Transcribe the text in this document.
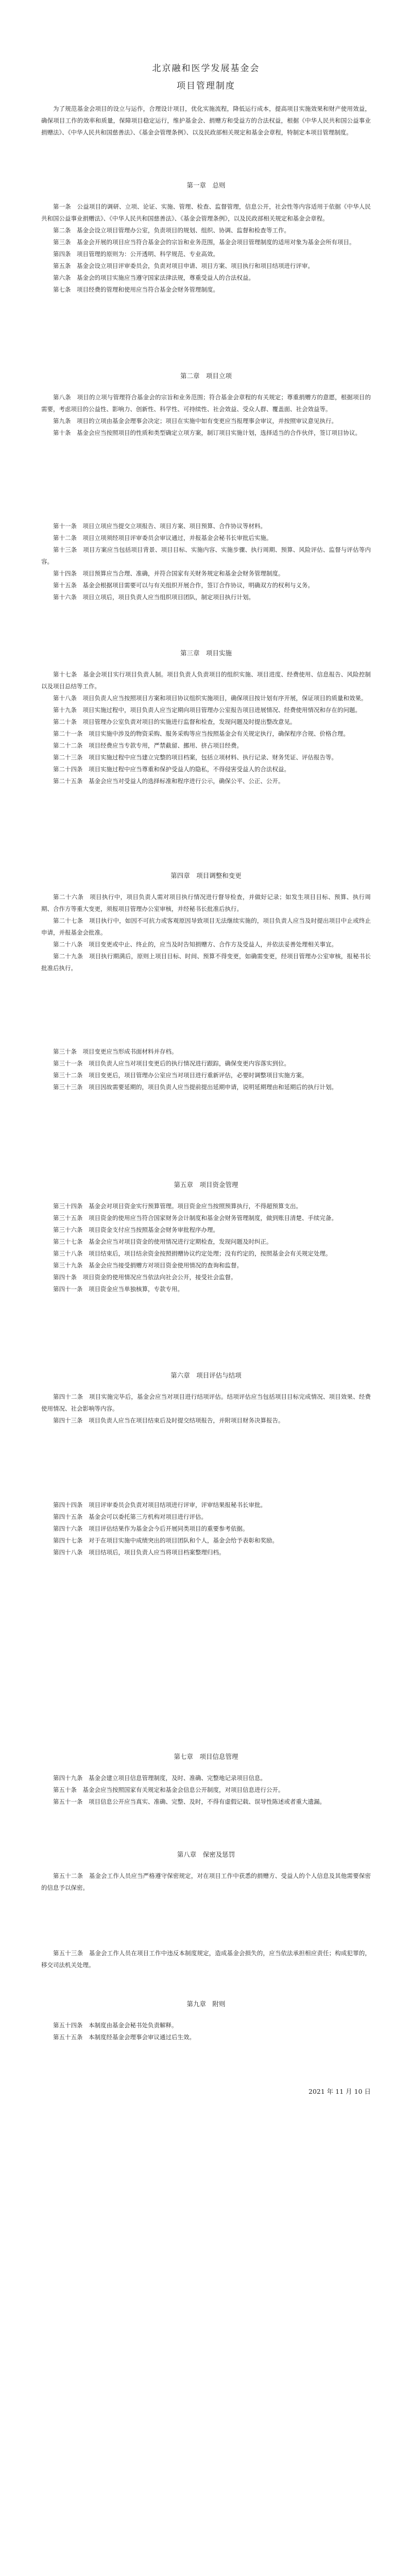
北京融和医学发展基金会
项目管理制度

为了规范基金会项目的设立与运作，合理设计项目，优化实施流程，降低运行成本，提高项目实施效果和财产使用效益，确保项目工作的效率和质量，保障项目稳定运行，维护基金会、捐赠方和受益方的合法权益，根据《中华人民共和国公益事业捐赠法》、《中华人民共和国慈善法》、《基金会管理条例》、以及民政部相关规定和基金会章程，特制定本项目管理制度。

第一章　总则

第一条　公益项目的调研、立项、论证、实施、管理、检查、监督管理，信息公开，社会性等内容适用于依据《中华人民共和国公益事业捐赠法》、《中华人民共和国慈善法》、《基金会管理条例》，以及民政部相关规定和基金会章程。

第二条　基金会设立项目管理办公室，负责项目的规划、组织、协调、监督和检查等工作。

第三条　基金会开展的项目应当符合基金会的宗旨和业务范围，基金会项目管理制度的适用对象为基金会所有项目。

第四条　项目管理的原则为：公开透明、科学规范、专业高效。

第五条　基金会设立项目评审委员会，负责对项目申请、项目方案、项目执行和项目结项进行评审。

第六条　基金会的项目实施应当遵守国家法律法规，尊重受益人的合法权益。

第七条　项目经费的管理和使用应当符合基金会财务管理制度。

第二章　项目立项

第八条　项目的立项与管理符合基金会的宗旨和业务范围；符合基金会章程的有关规定；尊重捐赠方的意愿，根据项目的需要，考虑项目的公益性、影响力、创新性、科学性、可持续性、社会效益、受众人群、覆盖面、社会效益等。

第九条　项目的立项由基金会理事会决定；项目在实施中如有变更应当报理事会审议，并按照审议意见执行。

第十条　基金会应当按照项目的性质和类型确定立项方案，制订项目实施计划，选择适当的合作伙伴，签订项目协议。

第十一条　项目立项应当提交立项报告、项目方案、项目预算、合作协议等材料。

第十二条　项目立项须经项目评审委员会审议通过，并报基金会秘书长审批后实施。

第十三条　项目方案应当包括项目背景、项目目标、实施内容、实施步骤、执行周期、预算、风险评估、监督与评估等内容。

第十四条　项目预算应当合理、准确，并符合国家有关财务规定和基金会财务管理制度。

第十五条　基金会根据项目需要可以与有关组织开展合作，签订合作协议，明确双方的权利与义务。

第十六条　项目立项后，项目负责人应当组织项目团队，制定项目执行计划。

第三章　项目实施

第十七条　基金会项目实行项目负责人制。项目负责人负责项目的组织实施、项目进度、经费使用、信息报告、风险控制以及项目总结等工作。

第十八条　项目负责人应当按照项目方案和项目协议组织实施项目，确保项目按计划有序开展，保证项目的质量和效果。

第十九条　项目实施过程中，项目负责人应当定期向项目管理办公室报告项目进展情况、经费使用情况和存在的问题。

第二十条　项目管理办公室负责对项目的实施进行监督和检查，发现问题及时提出整改意见。

第二十一条　项目实施中涉及的物资采购、服务采购等应当按照基金会有关规定执行，确保程序合规、价格合理。

第二十二条　项目经费应当专款专用，严禁截留、挪用、挤占项目经费。

第二十三条　项目实施过程中应当建立完整的项目档案，包括立项材料、执行记录、财务凭证、评估报告等。

第二十四条　项目实施过程中应当尊重和保护受益人的隐私，不得侵害受益人的合法权益。

第二十五条　基金会应当对受益人的选择标准和程序进行公示，确保公平、公正、公开。

第四章　项目调整和变更

第二十六条　项目执行中，项目负责人需对项目执行情况进行督导检查，并做好记录；如发生项目目标、预算、执行周期、合作方等重大变更，须报项目管理办公室审核，并经秘书长批准后执行。

第二十七条　项目执行中，如因不可抗力或客观原因导致项目无法继续实施的，项目负责人应当及时提出项目中止或终止申请，并报基金会批准。

第二十八条　项目变更或中止、终止的，应当及时告知捐赠方、合作方及受益人，并依法妥善处理相关事宜。

第二十九条　项目执行期满后，原则上项目目标、时间、预算不得变更，如确需变更，经项目管理办公室审核，报秘书长批准后执行。

第三十条　项目变更应当形成书面材料并存档。

第三十一条　项目负责人应当对项目变更后的执行情况进行跟踪，确保变更内容落实到位。

第三十二条　项目变更后，项目管理办公室应当对项目进行重新评估，必要时调整项目实施方案。

第三十三条　项目因故需要延期的，项目负责人应当提前提出延期申请，说明延期理由和延期后的执行计划。

第五章　项目资金管理

第三十四条　基金会对项目资金实行预算管理。项目资金应当按照预算执行，不得超预算支出。

第三十五条　项目资金的使用应当符合国家财务会计制度和基金会财务管理制度，做到账目清楚、手续完备。

第三十六条　项目资金支付应当按照基金会财务审批程序办理。

第三十七条　基金会应当对项目资金的使用情况进行定期检查，发现问题及时纠正。

第三十八条　项目结束后，项目结余资金按照捐赠协议约定处理；没有约定的，按照基金会有关规定处理。

第三十九条　基金会应当接受捐赠方对项目资金使用情况的查询和监督。

第四十条　项目资金的使用情况应当依法向社会公开，接受社会监督。

第四十一条　项目资金应当单独核算，专款专用。

第六章　项目评估与结项

第四十二条　项目实施完毕后，基金会应当对项目进行结项评估。结项评估应当包括项目目标完成情况、项目效果、经费使用情况、社会影响等内容。

第四十三条　项目负责人应当在项目结束后及时提交结项报告，并附项目财务决算报告。

第四十四条　项目评审委员会负责对项目结项进行评审，评审结果报秘书长审批。

第四十五条　基金会可以委托第三方机构对项目进行评估。

第四十六条　项目评估结果作为基金会今后开展同类项目的重要参考依据。

第四十七条　对于在项目实施中成绩突出的项目团队和个人，基金会给予表彰和奖励。

第四十八条　项目结项后，项目负责人应当将项目档案整理归档。

第七章　项目信息管理

第四十九条　基金会建立项目信息管理制度，及时、准确、完整地记录项目信息。

第五十条　基金会应当按照国家有关规定和基金会信息公开制度，对项目信息进行公开。

第五十一条　项目信息公开应当真实、准确、完整、及时，不得有虚假记载、误导性陈述或者重大遗漏。

第八章　保密及惩罚

第五十二条　基金会工作人员应当严格遵守保密规定，对在项目工作中获悉的捐赠方、受益人的个人信息及其他需要保密的信息予以保密。

第五十三条　基金会工作人员在项目工作中违反本制度规定，造成基金会损失的，应当依法承担相应责任；构成犯罪的，移交司法机关处理。

第九章　附则

第五十四条　本制度由基金会秘书处负责解释。

第五十五条　本制度经基金会理事会审议通过后生效。

2021 年 11 月 10 日
